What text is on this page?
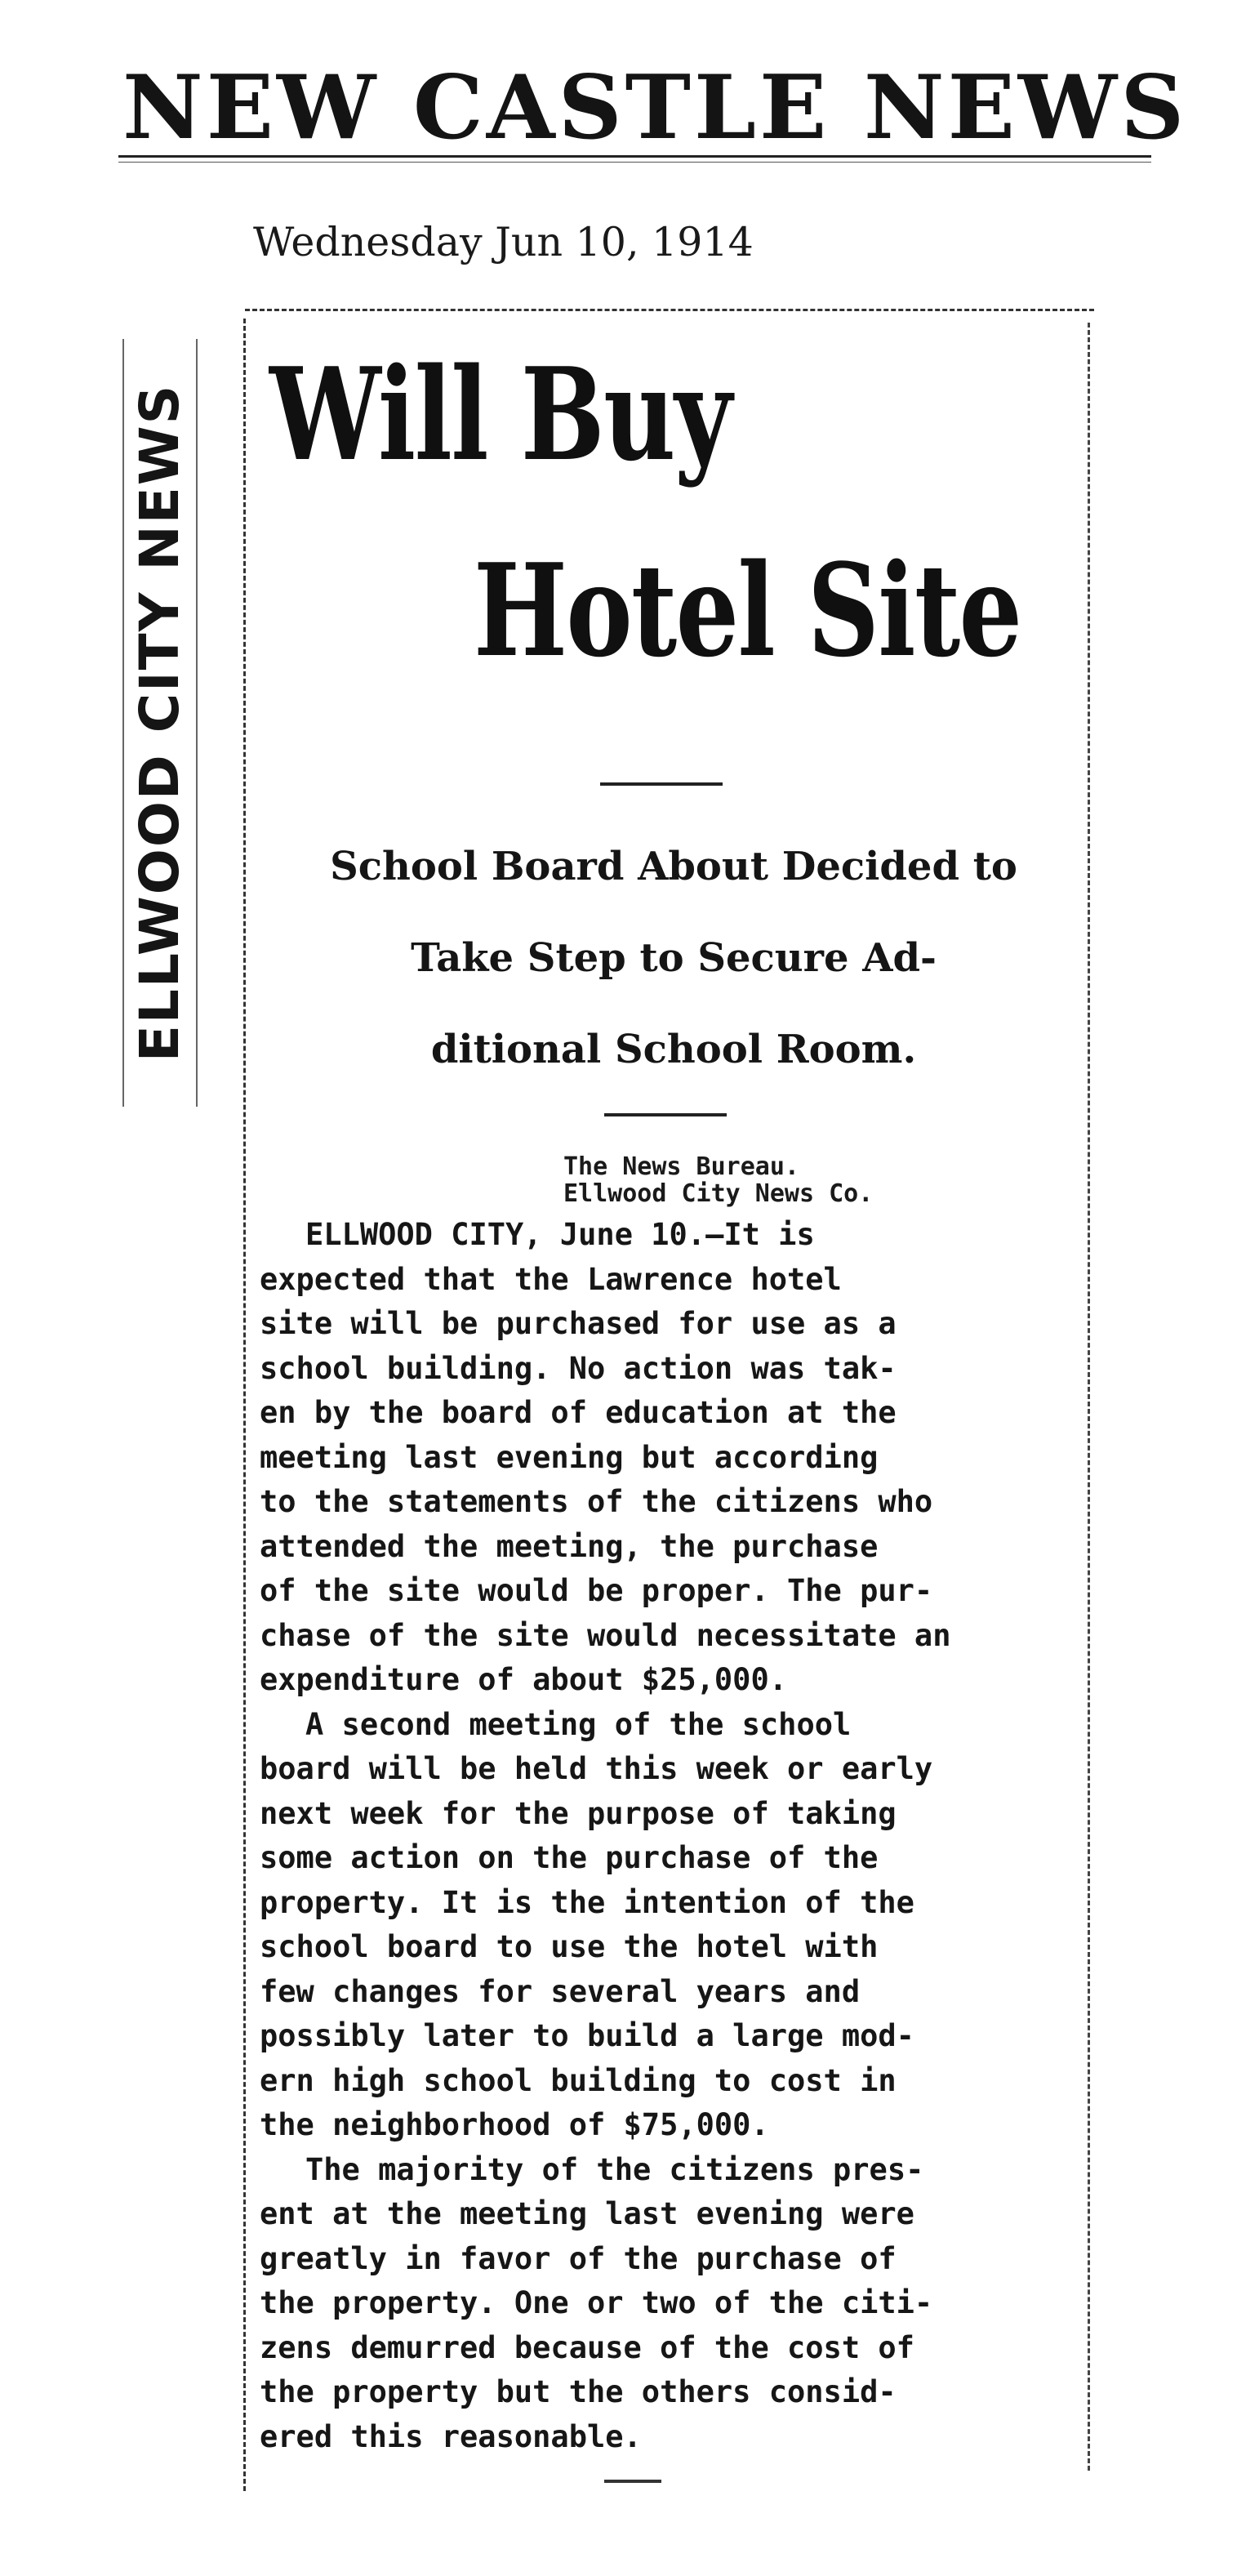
NEW CASTLE NEWS
Wednesday Jun 10, 1914
ELLWOOD CITY NEWS Will Buy
Hotel Site
School Board About Decided to
Take Step to Secure Ad-
ditional School Room.
The News Bureau.
Ellwood City News Co.
ELLWOOD CITY, June 10.—It is
expected that the Lawrence hotel
site will be purchased for use as a
school building. No action was tak-
en by the board of education at the
meeting last evening but according
to the statements of the citizens who
attended the meeting, the purchase
of the site would be proper. The pur-
chase of the site would necessitate an
expenditure of about $25,000.
A second meeting of the school
board will be held this week or early
next week for the purpose of taking
some action on the purchase of the
property. It is the intention of the
school board to use the hotel with
few changes for several years and
possibly later to build a large mod-
ern high school building to cost in
the neighborhood of $75,000.
The majority of the citizens pres-
ent at the meeting last evening were
greatly in favor of the purchase of
the property. One or two of the citi-
zens demurred because of the cost of
the property but the others consid-
ered this reasonable.
